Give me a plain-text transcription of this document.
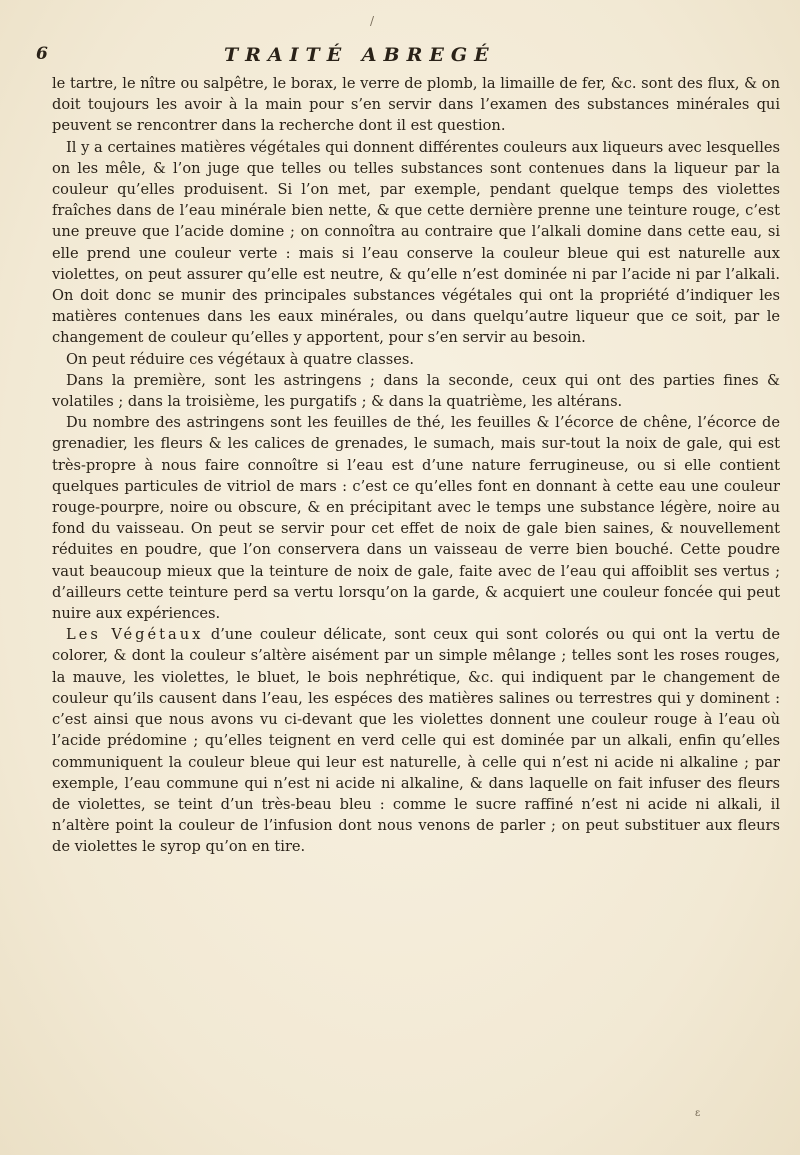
/
6	TRAITÉ ABREGÉ

le tartre, le nître ou salpêtre, le borax, le verre de plomb, la limaille de fer, &c. sont des flux, & on doit toujours les avoir à la main pour s’en servir dans l’examen des substances minérales qui peuvent se rencontrer dans la recherche dont il est question.

Il y a certaines matières végétales qui donnent différentes couleurs aux liqueurs avec lesquelles on les mêle, & l’on juge que telles ou telles substances sont contenues dans la liqueur par la couleur qu’elles produisent. Si l’on met, par exemple, pendant quelque temps des violettes fraîches dans de l’eau minérale bien nette, & que cette dernière prenne une teinture rouge, c’est une preuve que l’acide domine ; on connoîtra au contraire que l’alkali domine dans cette eau, si elle prend une couleur verte : mais si l’eau conserve la couleur bleue qui est naturelle aux violettes, on peut assurer qu’elle est neutre, & qu’elle n’est dominée ni par l’acide ni par l’alkali. On doit donc se munir des principales substances végétales qui ont la propriété d’indiquer les matières contenues dans les eaux minérales, ou dans quelqu’autre liqueur que ce soit, par le changement de couleur qu’elles y apportent, pour s’en servir au besoin.

On peut réduire ces végétaux à quatre classes.

Dans la première, sont les astringens ; dans la seconde, ceux qui ont des parties fines & volatiles ; dans la troisième, les purgatifs ; & dans la quatrième, les altérans.

Du nombre des astringens sont les feuilles de thé, les feuilles & l’écorce de chêne, l’écorce de grenadier, les fleurs & les calices de grenades, le sumach, mais sur-tout la noix de gale, qui est très-propre à nous faire connoître si l’eau est d’une nature ferrugineuse, ou si elle contient quelques particules de vitriol de mars : c’est ce qu’elles font en donnant à cette eau une couleur rouge-pourpre, noire ou obscure, & en précipitant avec le temps une substance légère, noire au fond du vaisseau. On peut se servir pour cet effet de noix de gale bien saines, & nouvellement réduites en poudre, que l’on conservera dans un vaisseau de verre bien bouché. Cette poudre vaut beaucoup mieux que la teinture de noix de gale, faite avec de l’eau qui affoiblit ses vertus ; d’ailleurs cette teinture perd sa vertu lorsqu’on la garde, & acquiert une couleur foncée qui peut nuire aux expériences.

Les Végétaux d’une couleur délicate, sont ceux qui sont colorés ou qui ont la vertu de colorer, & dont la couleur s’altère aisément par un simple mêlange ; telles sont les roses rouges, la mauve, les violettes, le bluet, le bois nephrétique, &c. qui indiquent par le changement de couleur qu’ils causent dans l’eau, les espéces des matières salines ou terrestres qui y dominent : c’est ainsi que nous avons vu ci-devant que les violettes donnent une couleur rouge à l’eau où l’acide prédomine ; qu’elles teignent en verd celle qui est dominée par un alkali, enfin qu’elles communiquent la couleur bleue qui leur est naturelle, à celle qui n’est ni acide ni alkaline ; par exemple, l’eau commune qui n’est ni acide ni alkaline, & dans laquelle on fait infuser des fleurs de violettes, se teint d’un très-beau bleu : comme le sucre raffiné n’est ni acide ni alkali, il n’altère point la couleur de l’infusion dont nous venons de parler ; on peut substituer aux fleurs de violettes le syrop qu’on en tire.

ε
